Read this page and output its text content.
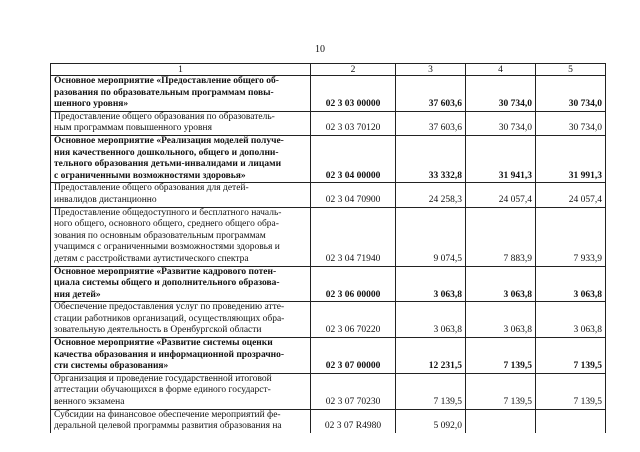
10
1	2	3	4	5

Основное мероприятие «Предоставление общего об-
разования по образовательным программам повы-
шенного уровня»	02 3 03 00000	37 603,6	30 734,0	30 734,0

Предоставление общего образования по образователь-
ным программам повышенного уровня	02 3 03 70120	37 603,6	30 734,0	30 734,0

Основное мероприятие «Реализация моделей получе-
ния качественного дошкольного, общего и дополни-
тельного образования детьми-инвалидами и лицами
с ограниченными возможностями здоровья»	02 3 04 00000	33 332,8	31 941,3	31 991,3

Предоставление общего образования для детей-
инвалидов дистанционно	02 3 04 70900	24 258,3	24 057,4	24 057,4

Предоставление общедоступного и бесплатного началь-
ного общего, основного общего, среднего общего обра-
зования по основным образовательным программам
учащимся с ограниченными возможностями здоровья и
детям с расстройствами аутистического спектра	02 3 04 71940	9 074,5	7 883,9	7 933,9

Основное мероприятие «Развитие кадрового потен-
циала системы общего и дополнительного образова-
ния детей»	02 3 06 00000	3 063,8	3 063,8	3 063,8

Обеспечение предоставления услуг по проведению атте-
стации работников организаций, осуществляющих обра-
зовательную деятельность в Оренбургской области	02 3 06 70220	3 063,8	3 063,8	3 063,8

Основное мероприятие «Развитие системы оценки
качества образования и информационной прозрачно-
сти системы образования»	02 3 07 00000	12 231,5	7 139,5	7 139,5

Организация и проведение государственной итоговой
аттестации обучающихся в форме единого государст-
венного экзамена	02 3 07 70230	7 139,5	7 139,5	7 139,5

Субсидии на финансовое обеспечение мероприятий фе-
деральной целевой программы развития образования на	02 3 07 R4980	5 092,0		
